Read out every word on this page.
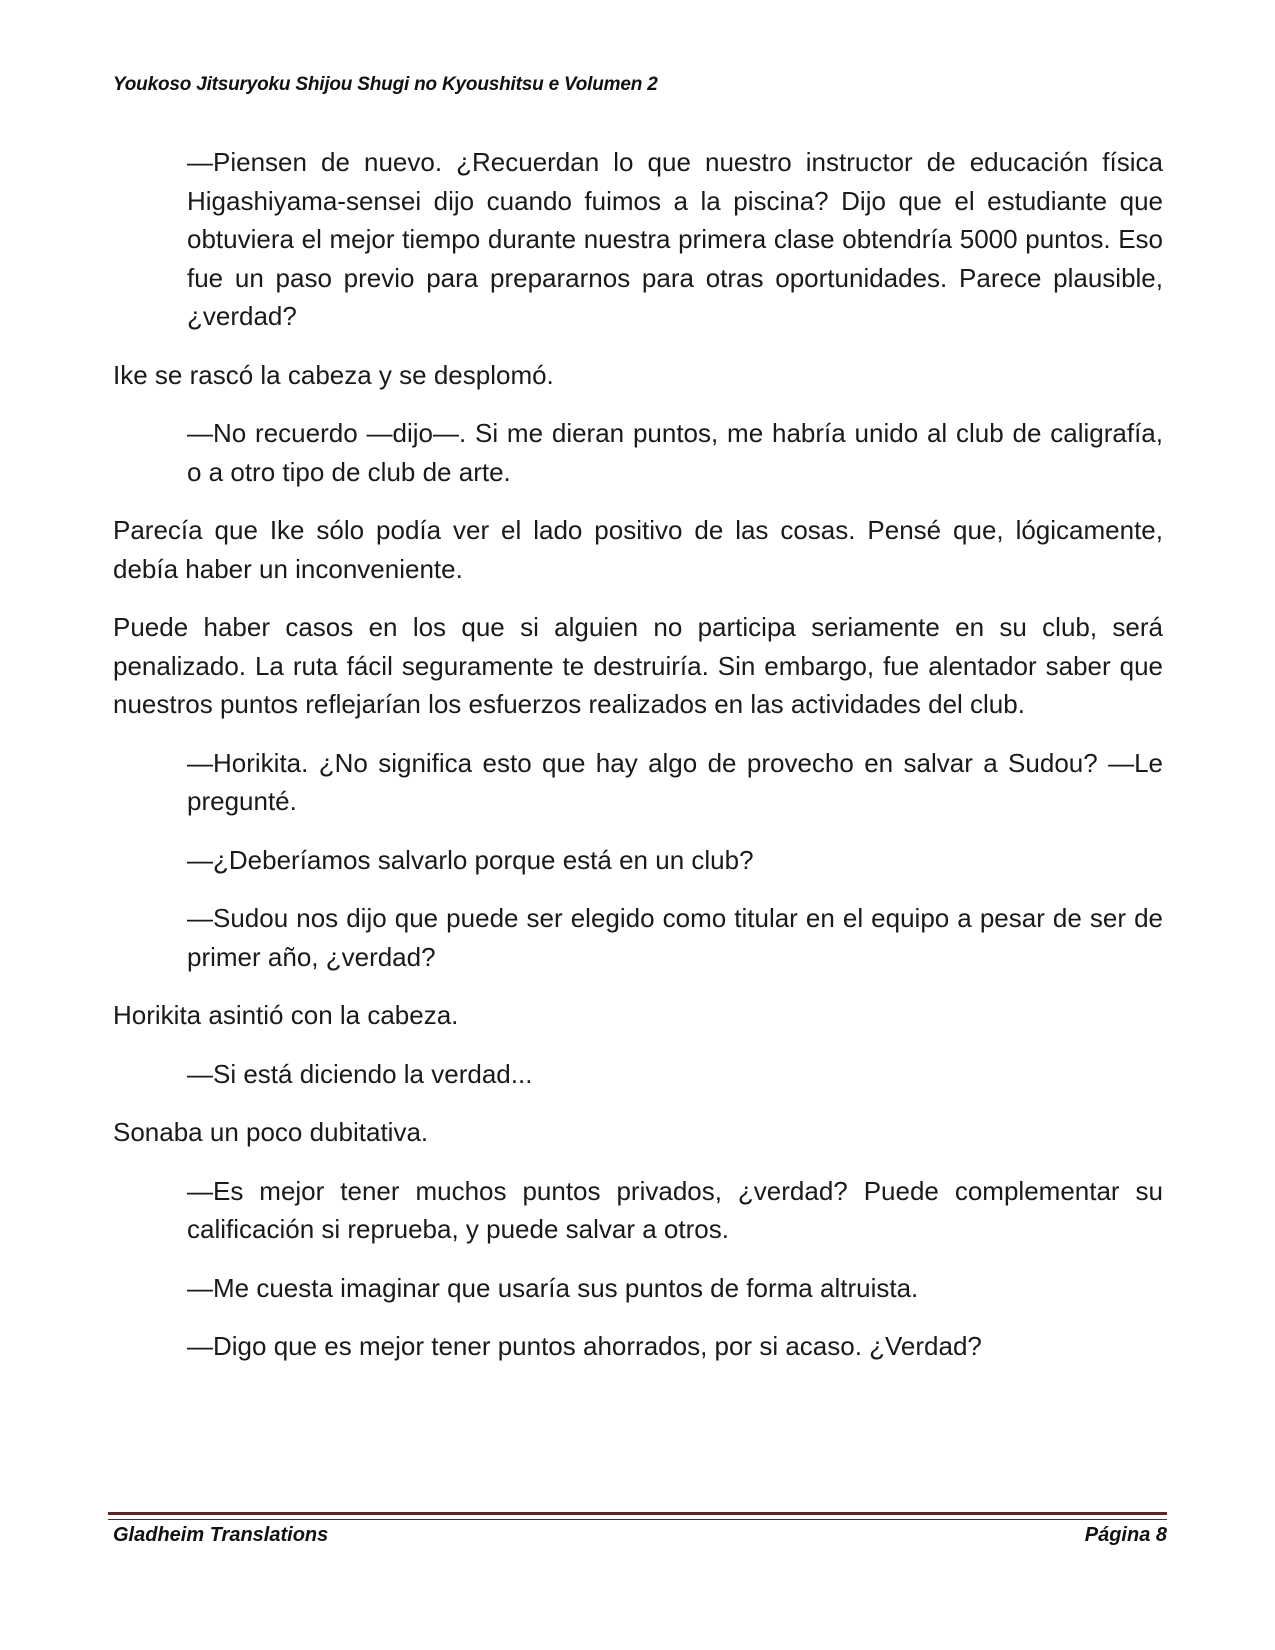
Youkoso Jitsuryoku Shijou Shugi no Kyoushitsu e Volumen 2

—Piensen de nuevo. ¿Recuerdan lo que nuestro instructor de educación física Higashiyama-sensei dijo cuando fuimos a la piscina? Dijo que el estudiante que obtuviera el mejor tiempo durante nuestra primera clase obtendría 5000 puntos. Eso fue un paso previo para prepararnos para otras oportunidades. Parece plausible, ¿verdad?

Ike se rascó la cabeza y se desplomó.

—No recuerdo —dijo—. Si me dieran puntos, me habría unido al club de caligrafía, o a otro tipo de club de arte.

Parecía que Ike sólo podía ver el lado positivo de las cosas. Pensé que, lógicamente, debía haber un inconveniente.

Puede haber casos en los que si alguien no participa seriamente en su club, será penalizado. La ruta fácil seguramente te destruiría. Sin embargo, fue alentador saber que nuestros puntos reflejarían los esfuerzos realizados en las actividades del club.

—Horikita. ¿No significa esto que hay algo de provecho en salvar a Sudou? —Le pregunté.

—¿Deberíamos salvarlo porque está en un club?

—Sudou nos dijo que puede ser elegido como titular en el equipo a pesar de ser de primer año, ¿verdad?

Horikita asintió con la cabeza.

—Si está diciendo la verdad...

Sonaba un poco dubitativa.

—Es mejor tener muchos puntos privados, ¿verdad? Puede complementar su calificación si reprueba, y puede salvar a otros.

—Me cuesta imaginar que usaría sus puntos de forma altruista.

—Digo que es mejor tener puntos ahorrados, por si acaso. ¿Verdad?

Gladheim Translations	Página 8
